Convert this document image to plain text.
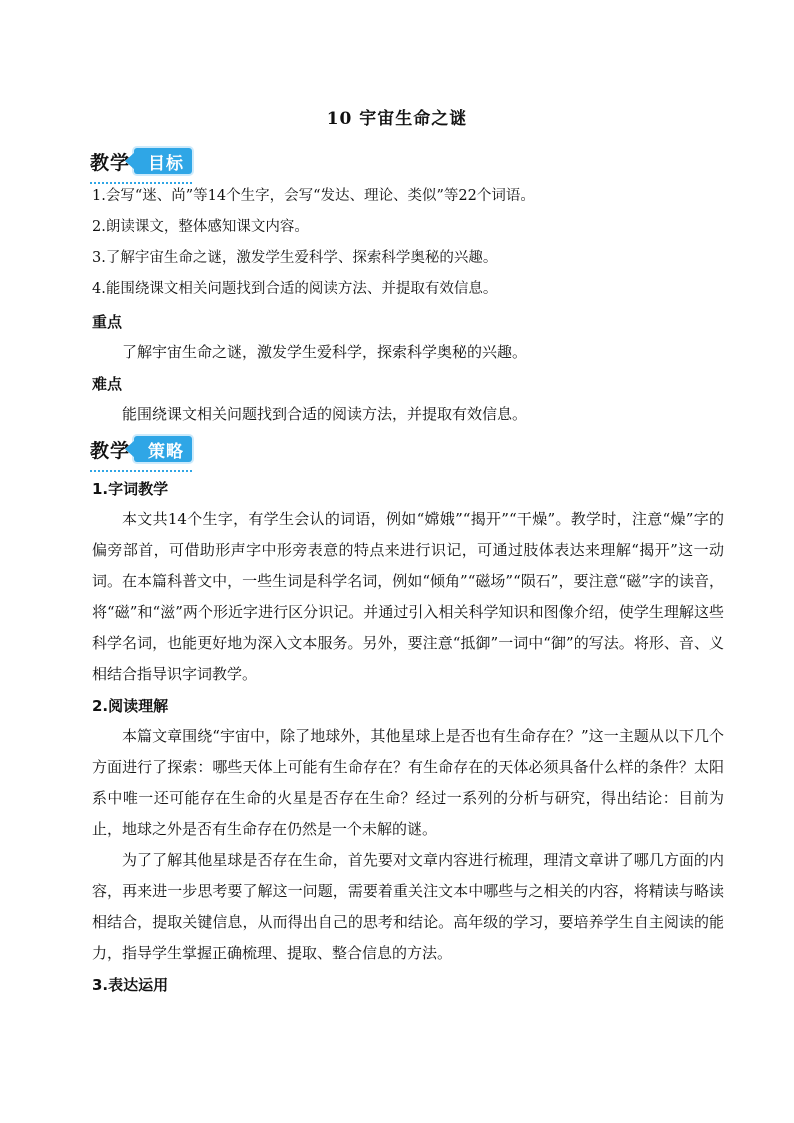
10 宇宙生命之谜
教学	目标
1.会写“迷、尚”等14个生字，会写“发达、理论、类似”等22个词语。
2.朗读课文，整体感知课文内容。
3.了解宇宙生命之谜，激发学生爱科学、探索科学奥秘的兴趣。
4.能围绕课文相关问题找到合适的阅读方法、并提取有效信息。
重点
了解宇宙生命之谜，激发学生爱科学，探索科学奥秘的兴趣。
难点
能围绕课文相关问题找到合适的阅读方法，并提取有效信息。
教学	策略
1.字词教学
本文共14个生字，有学生会认的词语，例如“嫦娥”“揭开”“干燥”。教学时，注意“燥”字的偏旁部首，可借助形声字中形旁表意的特点来进行识记，可通过肢体表达来理解“揭开”这一动词。在本篇科普文中，一些生词是科学名词，例如“倾角”“磁场”“陨石”，要注意“磁”字的读音，将“磁”和“滋”两个形近字进行区分识记。并通过引入相关科学知识和图像介绍，使学生理解这些科学名词，也能更好地为深入文本服务。另外，要注意“抵御”一词中“御”的写法。将形、音、义相结合指导识字词教学。
2.阅读理解
本篇文章围绕“宇宙中，除了地球外，其他星球上是否也有生命存在？”这一主题从以下几个方面进行了探索：哪些天体上可能有生命存在？有生命存在的天体必须具备什么样的条件？太阳系中唯一还可能存在生命的火星是否存在生命？经过一系列的分析与研究，得出结论：目前为止，地球之外是否有生命存在仍然是一个未解的谜。
为了了解其他星球是否存在生命，首先要对文章内容进行梳理，理清文章讲了哪几方面的内容，再来进一步思考要了解这一问题，需要着重关注文本中哪些与之相关的内容，将精读与略读相结合，提取关键信息，从而得出自己的思考和结论。高年级的学习，要培养学生自主阅读的能力，指导学生掌握正确梳理、提取、整合信息的方法。
3.表达运用
